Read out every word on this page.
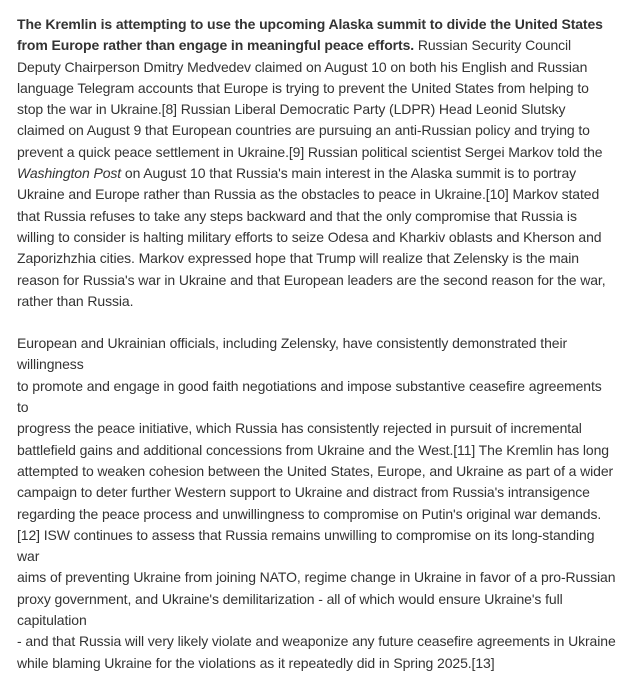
The Kremlin is attempting to use the upcoming Alaska summit to divide the United States from Europe rather than engage in meaningful peace efforts. Russian Security Council Deputy Chairperson Dmitry Medvedev claimed on August 10 on both his English and Russian language Telegram accounts that Europe is trying to prevent the United States from helping to stop the war in Ukraine.[8] Russian Liberal Democratic Party (LDPR) Head Leonid Slutsky claimed on August 9 that European countries are pursuing an anti-Russian policy and trying to prevent a quick peace settlement in Ukraine.[9] Russian political scientist Sergei Markov told the Washington Post on August 10 that Russia's main interest in the Alaska summit is to portray Ukraine and Europe rather than Russia as the obstacles to peace in Ukraine.[10] Markov stated that Russia refuses to take any steps backward and that the only compromise that Russia is willing to consider is halting military efforts to seize Odesa and Kharkiv oblasts and Kherson and Zaporizhzhia cities. Markov expressed hope that Trump will realize that Zelensky is the main reason for Russia's war in Ukraine and that European leaders are the second reason for the war, rather than Russia.

European and Ukrainian officials, including Zelensky, have consistently demonstrated their willingness
to promote and engage in good faith negotiations and impose substantive ceasefire agreements to
progress the peace initiative, which Russia has consistently rejected in pursuit of incremental
battlefield gains and additional concessions from Ukraine and the West.[11] The Kremlin has long
attempted to weaken cohesion between the United States, Europe, and Ukraine as part of a wider
campaign to deter further Western support to Ukraine and distract from Russia's intransigence
regarding the peace process and unwillingness to compromise on Putin's original war demands.
[12] ISW continues to assess that Russia remains unwilling to compromise on its long-standing war
aims of preventing Ukraine from joining NATO, regime change in Ukraine in favor of a pro-Russian
proxy government, and Ukraine's demilitarization - all of which would ensure Ukraine's full capitulation
- and that Russia will very likely violate and weaponize any future ceasefire agreements in Ukraine
while blaming Ukraine for the violations as it repeatedly did in Spring 2025.[13]
